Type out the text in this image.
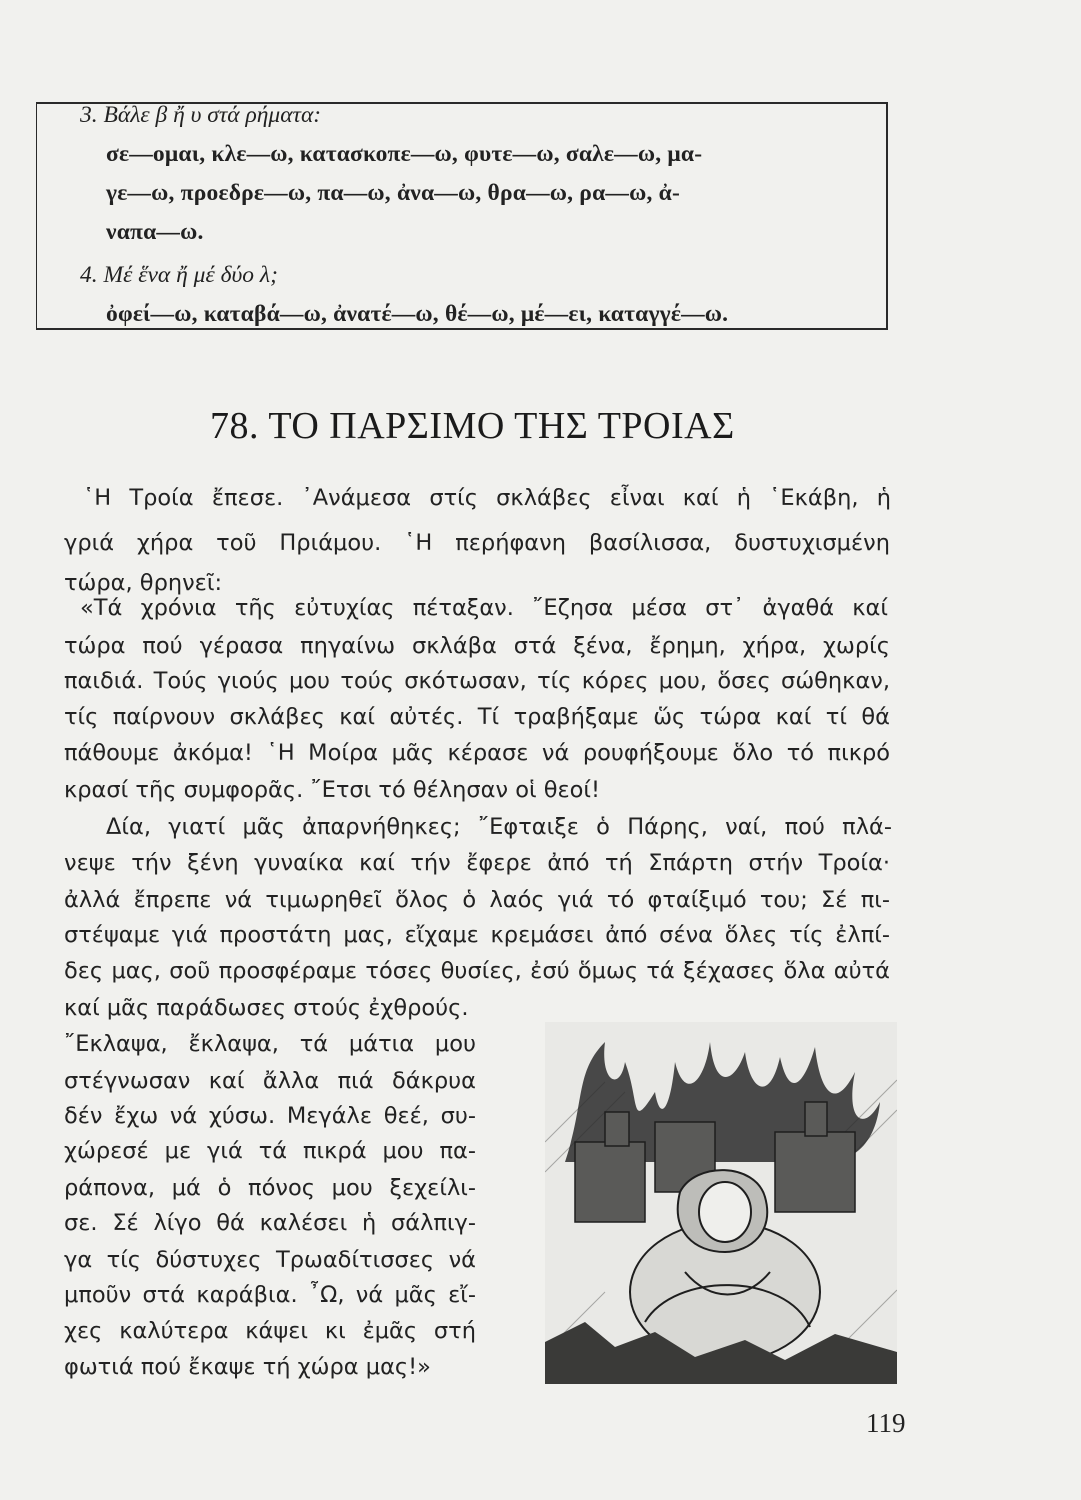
3. Βάλε β ἤ υ στά ρήματα:
σε—ομαι, κλε—ω, κατασκοπε—ω, φυτε—ω, σαλε—ω, μα-
γε—ω, προεδρε—ω, πα—ω, ἀνα—ω, θρα—ω, ρα—ω, ἀ-
ναπα—ω.
4. Μέ ἕνα ἤ μέ δύο λ;
ὀφεί—ω, καταβά—ω, ἀνατέ—ω, θέ—ω, μέ—ει, καταγγέ—ω.
78. ΤΟ ΠΑΡΣΙΜΟ ΤΗΣ ΤΡΟΙΑΣ
῾Η Τροία ἔπεσε. ᾿Ανάμεσα στίς σκλάβες εἶναι καί ἡ ῾Εκάβη, ἡ
γριά χήρα τοῦ Πριάμου. ῾Η περήφανη βασίλισσα, δυστυχισμένη
τώρα, θρηνεῖ:
«Τά χρόνια τῆς εὐτυχίας πέταξαν. ῎Εζησα μέσα στ᾿ ἀγαθά καί
τώρα πού γέρασα πηγαίνω σκλάβα στά ξένα, ἔρημη, χήρα, χωρίς
παιδιά. Τούς γιούς μου τούς σκότωσαν, τίς κόρες μου, ὅσες σώθηκαν,
τίς παίρνουν σκλάβες καί αὐτές. Τί τραβήξαμε ὥς τώρα καί τί θά
πάθουμε ἀκόμα! ῾Η Μοίρα μᾶς κέρασε νά ρουφήξουμε ὅλο τό πικρό
κρασί τῆς συμφορᾶς. ῎Ετσι τό θέλησαν οἱ θεοί!
Δία, γιατί μᾶς ἀπαρνήθηκες; ῎Εφταιξε ὁ Πάρης, ναί, πού πλά-
νεψε τήν ξένη γυναίκα καί τήν ἔφερε ἀπό τή Σπάρτη στήν Τροία·
ἀλλά ἔπρεπε νά τιμωρηθεῖ ὅλος ὁ λαός γιά τό φταίξιμό του; Σέ πι-
στέψαμε γιά προστάτη μας, εἴχαμε κρεμάσει ἀπό σένα ὅλες τίς ἐλπί-
δες μας, σοῦ προσφέραμε τόσες θυσίες, ἐσύ ὅμως τά ξέχασες ὅλα αὐτά
καί μᾶς παράδωσες στούς ἐχθρούς.
῎Εκλαψα, ἔκλαψα, τά μάτια μου
στέγνωσαν καί ἄλλα πιά δάκρυα
δέν ἔχω νά χύσω. Μεγάλε θεέ, συ-
χώρεσέ με γιά τά πικρά μου πα-
ράπονα, μά ὁ πόνος μου ξεχείλι-
σε. Σέ λίγο θά καλέσει ἡ σάλπιγ-
γα τίς δύστυχες Τρωαδίτισσες νά
μποῦν στά καράβια. ῏Ω, νά μᾶς εἴ-
χες καλύτερα κάψει κι ἐμᾶς στή
φωτιά πού ἔκαψε τή χώρα μας!»
119
